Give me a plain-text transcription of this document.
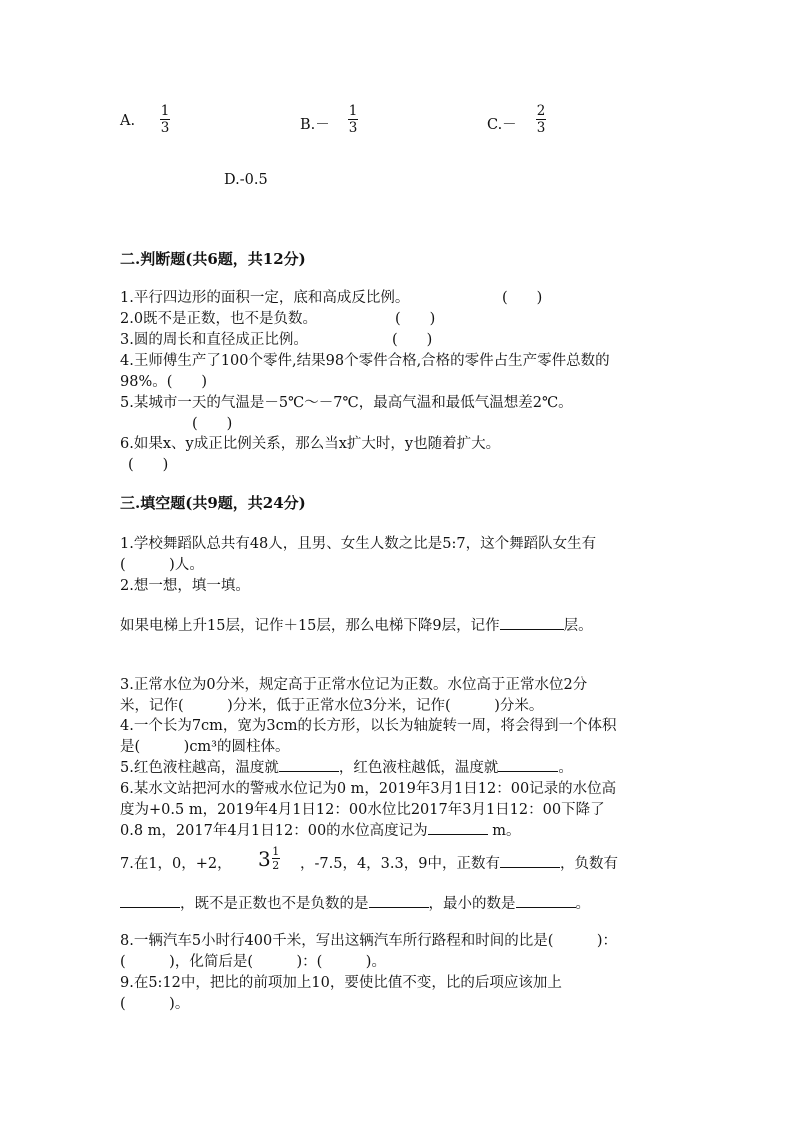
A.
1
3	B.－
1
3	C.－
2
3
D.-0.5
二.判断题(共6题，共12分)
1.平行四边形的面积一定，底和高成反比例。	(　　)
2.0既不是正数，也不是负数。	(　　)
3.圆的周长和直径成正比例。	(　　)
4.王师傅生产了100个零件,结果98个零件合格,合格的零件占生产零件总数的
98%。(　　)
5.某城市一天的气温是－5℃～－7℃，最高气温和最低气温想差2℃。
(　　)
6.如果x、y成正比例关系，那么当x扩大时，y也随着扩大。
(　　)
三.填空题(共9题，共24分)
1.学校舞蹈队总共有48人，且男、女生人数之比是5:7，这个舞蹈队女生有
(　　　)人。
2.想一想，填一填。
如果电梯上升15层，记作＋15层，那么电梯下降9层，记作	层。
3.正常水位为0分米，规定高于正常水位记为正数。水位高于正常水位2分
米，记作(　　　)分米，低于正常水位3分米，记作(　　　)分米。
4.一个长为7cm，宽为3cm的长方形，以长为轴旋转一周，将会得到一个体积
是(　　　)cm³的圆柱体。
5.红色液柱越高，温度就	，红色液柱越低，温度就	。
6.某水文站把河水的警戒水位记为0 m，2019年3月1日12：00记录的水位高
度为+0.5 m，2019年4月1日12：00水位比2017年3月1日12：00下降了
0.8 m，2017年4月1日12：00的水位高度记为	m。
7.在1，0，+2， 3 1
2 ，-7.5，4，3.3，9中，正数有	，负数有
，既不是正数也不是负数的是	，最小的数是	。
8.一辆汽车5小时行400千米，写出这辆汽车所行路程和时间的比是(　　　)：
(　　　)，化简后是(　　　)：(　　　)。
9.在5:12中，把比的前项加上10，要使比值不变，比的后项应该加上
(　　　)。
